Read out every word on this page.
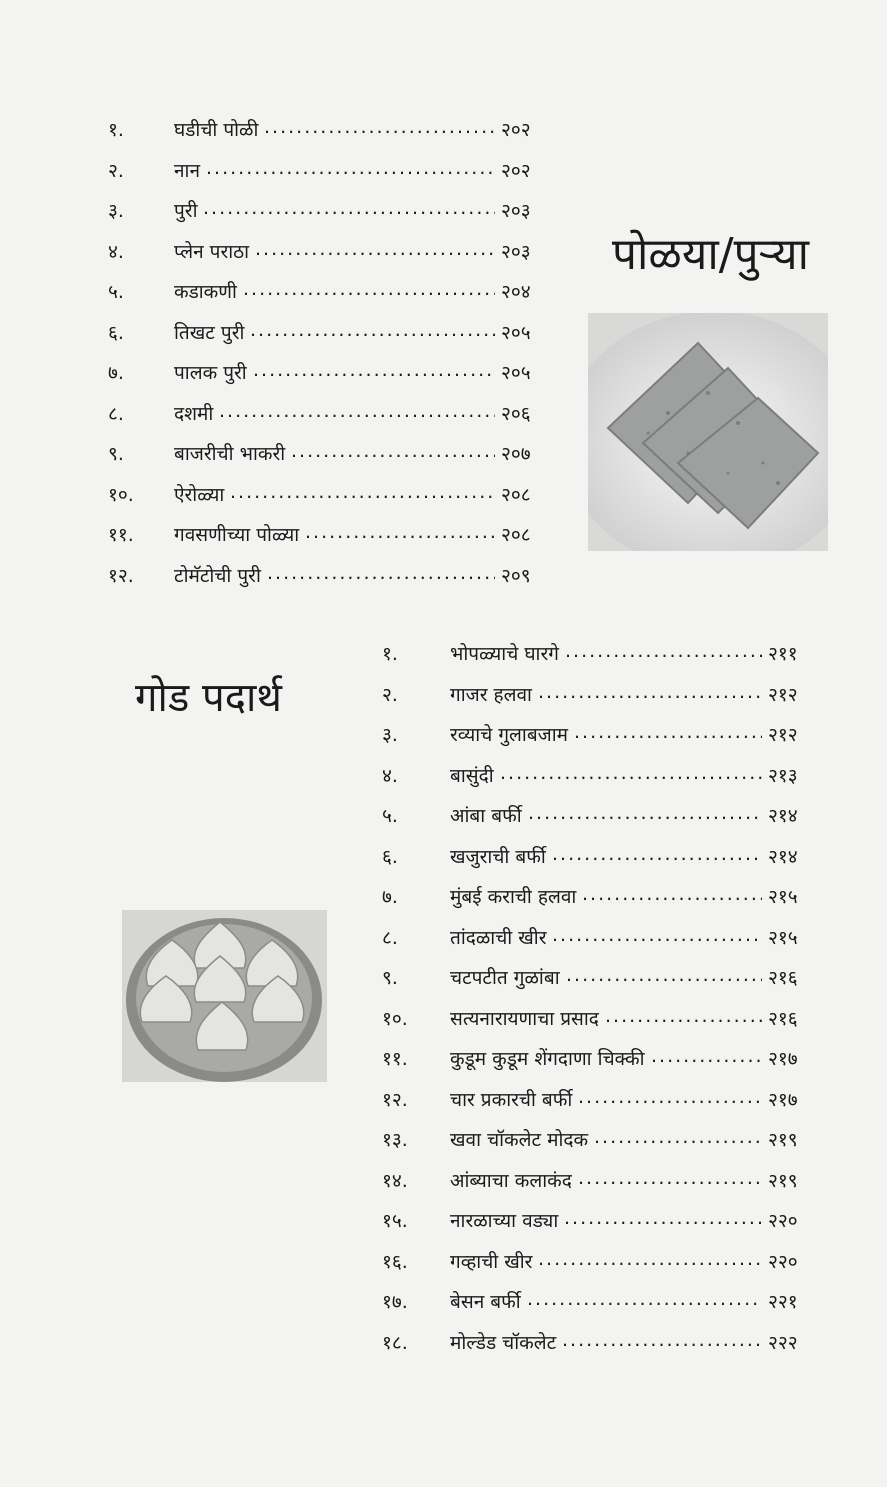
१.	घडीची पोळी .....	२०२
२.	नान .....	२०२
३.	पुरी .....	२०३
४.	प्लेन पराठा .....	२०३
५.	कडाकणी .....	२०४
६.	तिखट पुरी .....	२०५
७.	पालक पुरी .....	२०५
८.	दशमी .....	२०६
९.	बाजरीची भाकरी .....	२०७
१०. ऐरोळ्या .....	२०८
११. गवसणीच्या पोळ्या .....	२०८
१२. टोमॅटोची पुरी .....	२०९
पोळया/पुऱ्या
गोड पदार्थ
१.	भोपळ्याचे घारगे .....	२११
२.	गाजर हलवा .....	२१२
३.	रव्याचे गुलाबजाम .....	२१२
४.	बासुंदी .....	२१३
५.	आंबा बर्फी .....	२१४
६.	खजुराची बर्फी .....	२१४
७.	मुंबई कराची हलवा .....	२१५
८.	तांदळाची खीर .....	२१५
९.	चटपटीत गुळांबा .....	२१६
१०. सत्यनारायणाचा प्रसाद .....	२१६
११. कुडूम कुडूम शेंगदाणा चिक्की .....	२१७
१२. चार प्रकारची बर्फी .....	२१७
१३. खवा चॉकलेट मोदक .....	२१९
१४. आंब्याचा कलाकंद .....	२१९
१५. नारळाच्या वड्या .....	२२०
१६. गव्हाची खीर .....	२२०
१७. बेसन बर्फी .....	२२१
१८. मोल्डेड चॉकलेट .....	२२२
